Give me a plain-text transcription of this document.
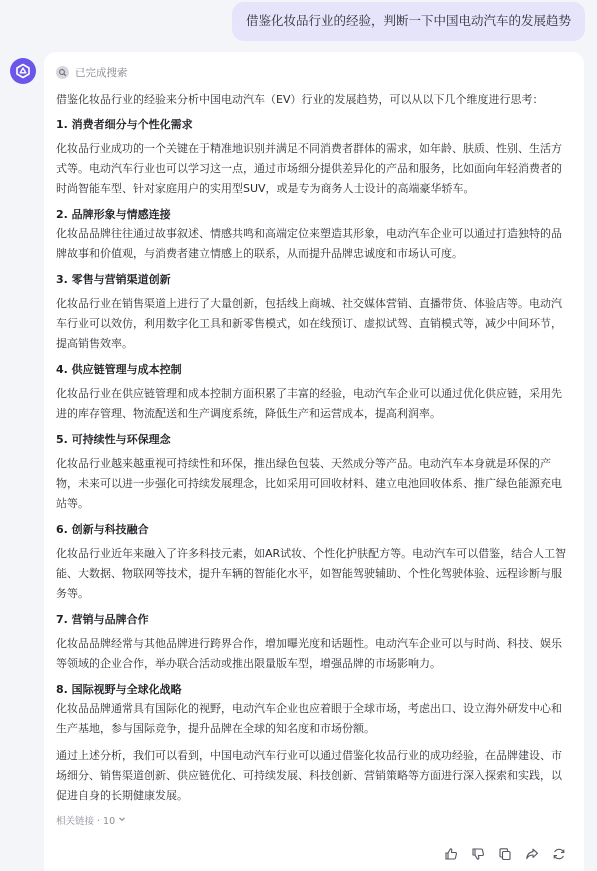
借鉴化妆品行业的经验，判断一下中国电动汽车的发展趋势
已完成搜索

借鉴化妆品行业的经验来分析中国电动汽车（EV）行业的发展趋势，可以从以下几个维度进行思考：

1. 消费者细分与个性化需求

化妆品行业成功的一个关键在于精准地识别并满足不同消费者群体的需求，如年龄、肤质、性别、生活方式等。电动汽车行业也可以学习这一点，通过市场细分提供差异化的产品和服务，比如面向年轻消费者的时尚智能车型、针对家庭用户的实用型SUV，或是专为商务人士设计的高端豪华轿车。

2. 品牌形象与情感连接

化妆品品牌往往通过故事叙述、情感共鸣和高端定位来塑造其形象，电动汽车企业可以通过打造独特的品牌故事和价值观，与消费者建立情感上的联系，从而提升品牌忠诚度和市场认可度。

3. 零售与营销渠道创新

化妆品行业在销售渠道上进行了大量创新，包括线上商城、社交媒体营销、直播带货、体验店等。电动汽车行业可以效仿，利用数字化工具和新零售模式，如在线预订、虚拟试驾、直销模式等，减少中间环节，提高销售效率。

4. 供应链管理与成本控制

化妆品行业在供应链管理和成本控制方面积累了丰富的经验，电动汽车企业可以通过优化供应链，采用先进的库存管理、物流配送和生产调度系统，降低生产和运营成本，提高利润率。

5. 可持续性与环保理念

化妆品行业越来越重视可持续性和环保，推出绿色包装、天然成分等产品。电动汽车本身就是环保的产物，未来可以进一步强化可持续发展理念，比如采用可回收材料、建立电池回收体系、推广绿色能源充电站等。

6. 创新与科技融合

化妆品行业近年来融入了许多科技元素，如AR试妆、个性化护肤配方等。电动汽车可以借鉴，结合人工智能、大数据、物联网等技术，提升车辆的智能化水平，如智能驾驶辅助、个性化驾驶体验、远程诊断与服务等。

7. 营销与品牌合作

化妆品品牌经常与其他品牌进行跨界合作，增加曝光度和话题性。电动汽车企业可以与时尚、科技、娱乐等领域的企业合作，举办联合活动或推出限量版车型，增强品牌的市场影响力。

8. 国际视野与全球化战略

化妆品品牌通常具有国际化的视野，电动汽车企业也应着眼于全球市场，考虑出口、设立海外研发中心和生产基地，参与国际竞争，提升品牌在全球的知名度和市场份额。

通过上述分析，我们可以看到，中国电动汽车行业可以通过借鉴化妆品行业的成功经验，在品牌建设、市场细分、销售渠道创新、供应链优化、可持续发展、科技创新、营销策略等方面进行深入探索和实践，以促进自身的长期健康发展。

相关链接 · 10
